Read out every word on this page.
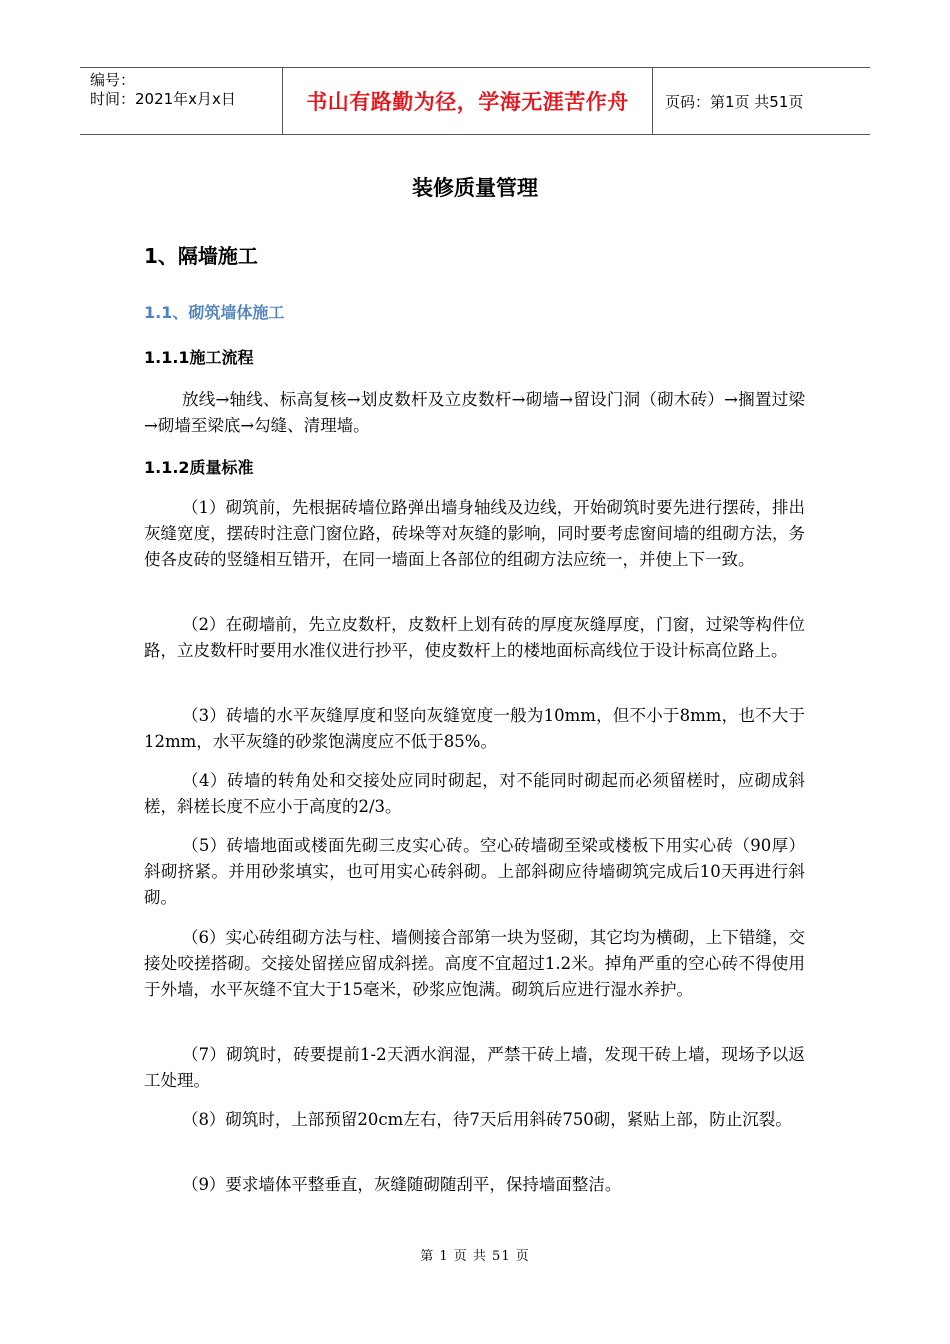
编号：
时间：2021年x月x日	书山有路勤为径，学海无涯苦作舟 页码：第1页 共51页
装修质量管理
1、隔墙施工
1.1、砌筑墙体施工
1.1.1施工流程

放线→轴线、标高复核→划皮数杆及立皮数杆→砌墙→留设门洞（砌木砖）→搁置过梁→砌墙至梁底→勾缝、清理墙。

1.1.2质量标准

（1）砌筑前，先根据砖墙位路弹出墙身轴线及边线，开始砌筑时要先进行摆砖，排出灰缝宽度，摆砖时注意门窗位路，砖垛等对灰缝的影响，同时要考虑窗间墙的组砌方法，务使各皮砖的竖缝相互错开，在同一墙面上各部位的组砌方法应统一，并使上下一致。

（2）在砌墙前，先立皮数杆，皮数杆上划有砖的厚度灰缝厚度，门窗，过梁等构件位路，立皮数杆时要用水准仪进行抄平，使皮数杆上的楼地面标高线位于设计标高位路上。

（3）砖墙的水平灰缝厚度和竖向灰缝宽度一般为10mm，但不小于8mm，也不大于12mm，水平灰缝的砂浆饱满度应不低于85%。

（4）砖墙的转角处和交接处应同时砌起，对不能同时砌起而必须留槎时，应砌成斜槎，斜槎长度不应小于高度的2/3。

（5）砖墙地面或楼面先砌三皮实心砖。空心砖墙砌至梁或楼板下用实心砖（90厚）斜砌挤紧。并用砂浆填实，也可用实心砖斜砌。上部斜砌应待墙砌筑完成后10天再进行斜砌。

（6）实心砖组砌方法与柱、墙侧接合部第一块为竖砌，其它均为横砌，上下错缝，交接处咬搓搭砌。交接处留搓应留成斜搓。高度不宜超过1.2米。掉角严重的空心砖不得使用于外墙，水平灰缝不宜大于15毫米，砂浆应饱满。砌筑后应进行湿水养护。

（7）砌筑时，砖要提前1-2天洒水润湿，严禁干砖上墙，发现干砖上墙，现场予以返工处理。

（8）砌筑时，上部预留20cm左右，待7天后用斜砖750砌，紧贴上部，防止沉裂。

（9）要求墙体平整垂直，灰缝随砌随刮平，保持墙面整洁。

第 1 页 共 51 页
